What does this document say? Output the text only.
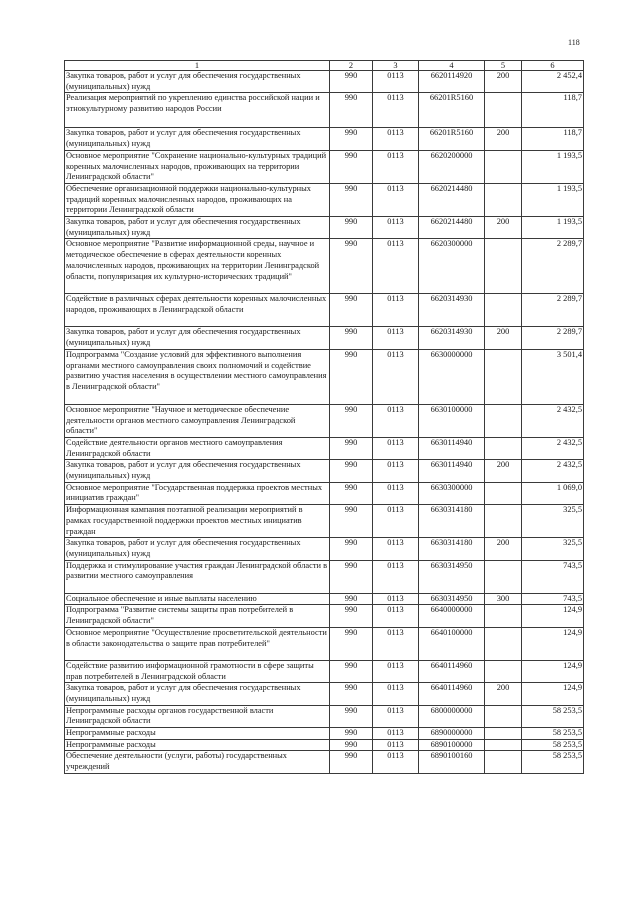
118
1	2	3	4	5	6
Закупка товаров, работ и услуг для обеспечения государственных (муниципальных) нужд	990	0113	6620114920	200	2 452,4
Реализация мероприятий по укреплению единства российской нации и этнокультурному развитию народов России	990	0113	66201R5160		118,7
Закупка товаров, работ и услуг для обеспечения государственных (муниципальных) нужд	990	0113	66201R5160	200	118,7
Основное мероприятие "Сохранение национально-культурных традиций коренных малочисленных народов, проживающих на территории Ленинградской области"	990	0113	6620200000		1 193,5
Обеспечение организационной поддержки национально-культурных традиций коренных малочисленных народов, проживающих на территории Ленинградской области	990	0113	6620214480		1 193,5
Закупка товаров, работ и услуг для обеспечения государственных (муниципальных) нужд	990	0113	6620214480	200	1 193,5
Основное мероприятие "Развитие информационной среды, научное и методическое обеспечение в сферах деятельности коренных малочисленных народов, проживающих на территории Ленинградской области, популяризация их культурно-исторических традиций"	990	0113	6620300000		2 289,7
Содействие в различных сферах деятельности коренных малочисленных народов, проживающих в Ленинградской области	990	0113	6620314930		2 289,7
Закупка товаров, работ и услуг для обеспечения государственных (муниципальных) нужд	990	0113	6620314930	200	2 289,7
Подпрограмма "Создание условий для эффективного выполнения органами местного самоуправления своих полномочий и содействие развитию участия населения в осуществлении местного самоуправления в Ленинградской области"	990	0113	6630000000		3 501,4
Основное мероприятие "Научное и методическое обеспечение деятельности органов местного самоуправления Ленинградской области"	990	0113	6630100000		2 432,5
Содействие деятельности органов местного самоуправления Ленинградской области	990	0113	6630114940		2 432,5
Закупка товаров, работ и услуг для обеспечения государственных (муниципальных) нужд	990	0113	6630114940	200	2 432,5
Основное мероприятие "Государственная поддержка проектов местных инициатив граждан"	990	0113	6630300000		1 069,0
Информационная кампания поэтапной реализации мероприятий в рамках государственной поддержки проектов местных инициатив граждан	990	0113	6630314180		325,5
Закупка товаров, работ и услуг для обеспечения государственных (муниципальных) нужд	990	0113	6630314180	200	325,5
Поддержка и стимулирование участия граждан Ленинградской области в развитии местного самоуправления	990	0113	6630314950		743,5
Социальное обеспечение и иные выплаты населению	990	0113	6630314950	300	743,5
Подпрограмма "Развитие системы защиты прав потребителей в Ленинградской области"	990	0113	6640000000		124,9
Основное мероприятие "Осуществление просветительской деятельности в области законодательства о защите прав потребителей"	990	0113	6640100000		124,9
Содействие развитию информационной грамотности в сфере защиты прав потребителей в Ленинградской области	990	0113	6640114960		124,9
Закупка товаров, работ и услуг для обеспечения государственных (муниципальных) нужд	990	0113	6640114960	200	124,9
Непрограммные расходы органов государственной власти Ленинградской области	990	0113	6800000000		58 253,5
Непрограммные расходы	990	0113	6890000000		58 253,5
Непрограммные расходы	990	0113	6890100000		58 253,5
Обеспечение деятельности (услуги, работы) государственных учреждений	990	0113	6890100160		58 253,5
